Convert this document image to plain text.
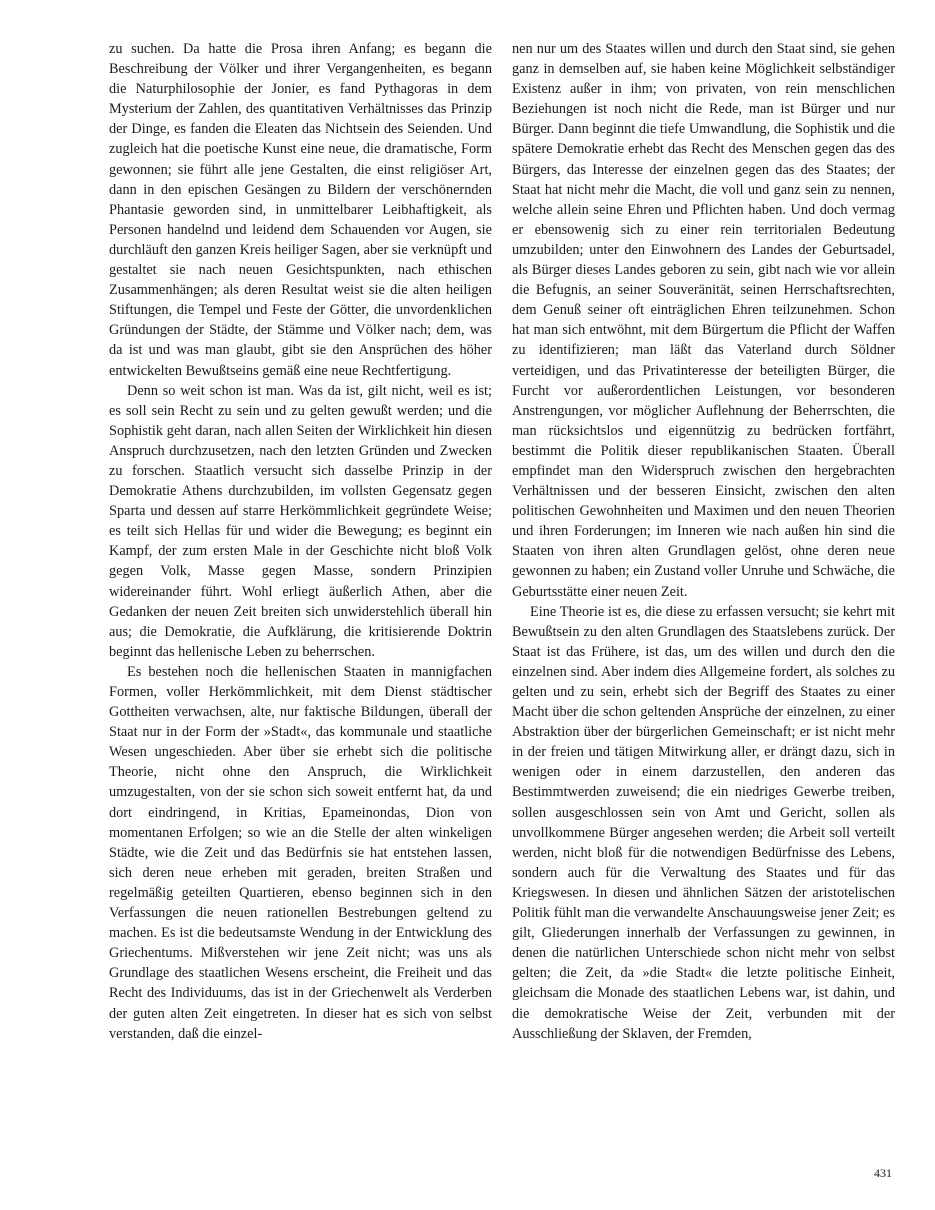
zu suchen. Da hatte die Prosa ihren Anfang; es begann die Beschreibung der Völker und ihrer Vergangenheiten, es begann die Naturphilosophie der Jonier, es fand Pythagoras in dem Mysterium der Zahlen, des quantitativen Verhältnisses das Prinzip der Dinge, es fanden die Eleaten das Nichtsein des Seienden. Und zugleich hat die poetische Kunst eine neue, die dramatische, Form gewonnen; sie führt alle jene Gestalten, die einst religiöser Art, dann in den epischen Gesängen zu Bildern der verschönernden Phantasie geworden sind, in unmittelbarer Leibhaftigkeit, als Personen handelnd und leidend dem Schauenden vor Augen, sie durchläuft den ganzen Kreis heiliger Sagen, aber sie verknüpft und gestaltet sie nach neuen Gesichtspunkten, nach ethischen Zusammenhängen; als deren Resultat weist sie die alten heiligen Stiftungen, die Tempel und Feste der Götter, die unvordenklichen Gründungen der Städte, der Stämme und Völker nach; dem, was da ist und was man glaubt, gibt sie den Ansprüchen des höher entwickelten Bewußtseins gemäß eine neue Rechtfertigung.

Denn so weit schon ist man. Was da ist, gilt nicht, weil es ist; es soll sein Recht zu sein und zu gelten gewußt werden; und die Sophistik geht daran, nach allen Seiten der Wirklichkeit hin diesen Anspruch durchzusetzen, nach den letzten Gründen und Zwecken zu forschen. Staatlich versucht sich dasselbe Prinzip in der Demokratie Athens durchzubilden, im vollsten Gegensatz gegen Sparta und dessen auf starre Herkömmlichkeit gegründete Weise; es teilt sich Hellas für und wider die Bewegung; es beginnt ein Kampf, der zum ersten Male in der Geschichte nicht bloß Volk gegen Volk, Masse gegen Masse, sondern Prinzipien widereinander führt. Wohl erliegt äußerlich Athen, aber die Gedanken der neuen Zeit breiten sich unwiderstehlich überall hin aus; die Demokratie, die Aufklärung, die kritisierende Doktrin beginnt das hellenische Leben zu beherrschen.

Es bestehen noch die hellenischen Staaten in mannigfachen Formen, voller Herkömmlichkeit, mit dem Dienst städtischer Gottheiten verwachsen, alte, nur faktische Bildungen, überall der Staat nur in der Form der »Stadt«, das kommunale und staatliche Wesen ungeschieden. Aber über sie erhebt sich die politische Theorie, nicht ohne den Anspruch, die Wirklichkeit umzugestalten, von der sie schon sich soweit entfernt hat, da und dort eindringend, in Kritias, Epameinondas, Dion von momentanen Erfolgen; so wie an die Stelle der alten winkeligen Städte, wie die Zeit und das Bedürfnis sie hat entstehen lassen, sich deren neue erheben mit geraden, breiten Straßen und regelmäßig geteilten Quartieren, ebenso beginnen sich in den Verfassungen die neuen rationellen Bestrebungen geltend zu machen. Es ist die bedeutsamste Wendung in der Entwicklung des Griechentums. Mißverstehen wir jene Zeit nicht; was uns als Grundlage des staatlichen Wesens erscheint, die Freiheit und das Recht des Individuums, das ist in der Griechenwelt als Verderben der guten alten Zeit eingetreten. In dieser hat es sich von selbst verstanden, daß die einzel-

nen nur um des Staates willen und durch den Staat sind, sie gehen ganz in demselben auf, sie haben keine Möglichkeit selbständiger Existenz außer in ihm; von privaten, von rein menschlichen Beziehungen ist noch nicht die Rede, man ist Bürger und nur Bürger. Dann beginnt die tiefe Umwandlung, die Sophistik und die spätere Demokratie erhebt das Recht des Menschen gegen das des Bürgers, das Interesse der einzelnen gegen das des Staates; der Staat hat nicht mehr die Macht, die voll und ganz sein zu nennen, welche allein seine Ehren und Pflichten haben. Und doch vermag er ebensowenig sich zu einer rein territorialen Bedeutung umzubilden; unter den Einwohnern des Landes der Geburtsadel, als Bürger dieses Landes geboren zu sein, gibt nach wie vor allein die Befugnis, an seiner Souveränität, seinen Herrschaftsrechten, dem Genuß seiner oft einträglichen Ehren teilzunehmen. Schon hat man sich entwöhnt, mit dem Bürgertum die Pflicht der Waffen zu identifizieren; man läßt das Vaterland durch Söldner verteidigen, und das Privatinteresse der beteiligten Bürger, die Furcht vor außerordentlichen Leistungen, vor besonderen Anstrengungen, vor möglicher Auflehnung der Beherrschten, die man rücksichtslos und eigennützig zu bedrücken fortfährt, bestimmt die Politik dieser republikanischen Staaten. Überall empfindet man den Widerspruch zwischen den hergebrachten Verhältnissen und der besseren Einsicht, zwischen den alten politischen Gewohnheiten und Maximen und den neuen Theorien und ihren Forderungen; im Inneren wie nach außen hin sind die Staaten von ihren alten Grundlagen gelöst, ohne deren neue gewonnen zu haben; ein Zustand voller Unruhe und Schwäche, die Geburtsstätte einer neuen Zeit.

Eine Theorie ist es, die diese zu erfassen versucht; sie kehrt mit Bewußtsein zu den alten Grundlagen des Staatslebens zurück. Der Staat ist das Frühere, ist das, um des willen und durch den die einzelnen sind. Aber indem dies Allgemeine fordert, als solches zu gelten und zu sein, erhebt sich der Begriff des Staates zu einer Macht über die schon geltenden Ansprüche der einzelnen, zu einer Abstraktion über der bürgerlichen Gemeinschaft; er ist nicht mehr in der freien und tätigen Mitwirkung aller, er drängt dazu, sich in wenigen oder in einem darzustellen, den anderen das Bestimmtwerden zuweisend; die ein niedriges Gewerbe treiben, sollen ausgeschlossen sein von Amt und Gericht, sollen als unvollkommene Bürger angesehen werden; die Arbeit soll verteilt werden, nicht bloß für die notwendigen Bedürfnisse des Lebens, sondern auch für die Verwaltung des Staates und für das Kriegswesen. In diesen und ähnlichen Sätzen der aristotelischen Politik fühlt man die verwandelte Anschauungsweise jener Zeit; es gilt, Gliederungen innerhalb der Verfassungen zu gewinnen, in denen die natürlichen Unterschiede schon nicht mehr von selbst gelten; die Zeit, da »die Stadt« die letzte politische Einheit, gleichsam die Monade des staatlichen Lebens war, ist dahin, und die demokratische Weise der Zeit, verbunden mit der Ausschließung der Sklaven, der Fremden,

431
